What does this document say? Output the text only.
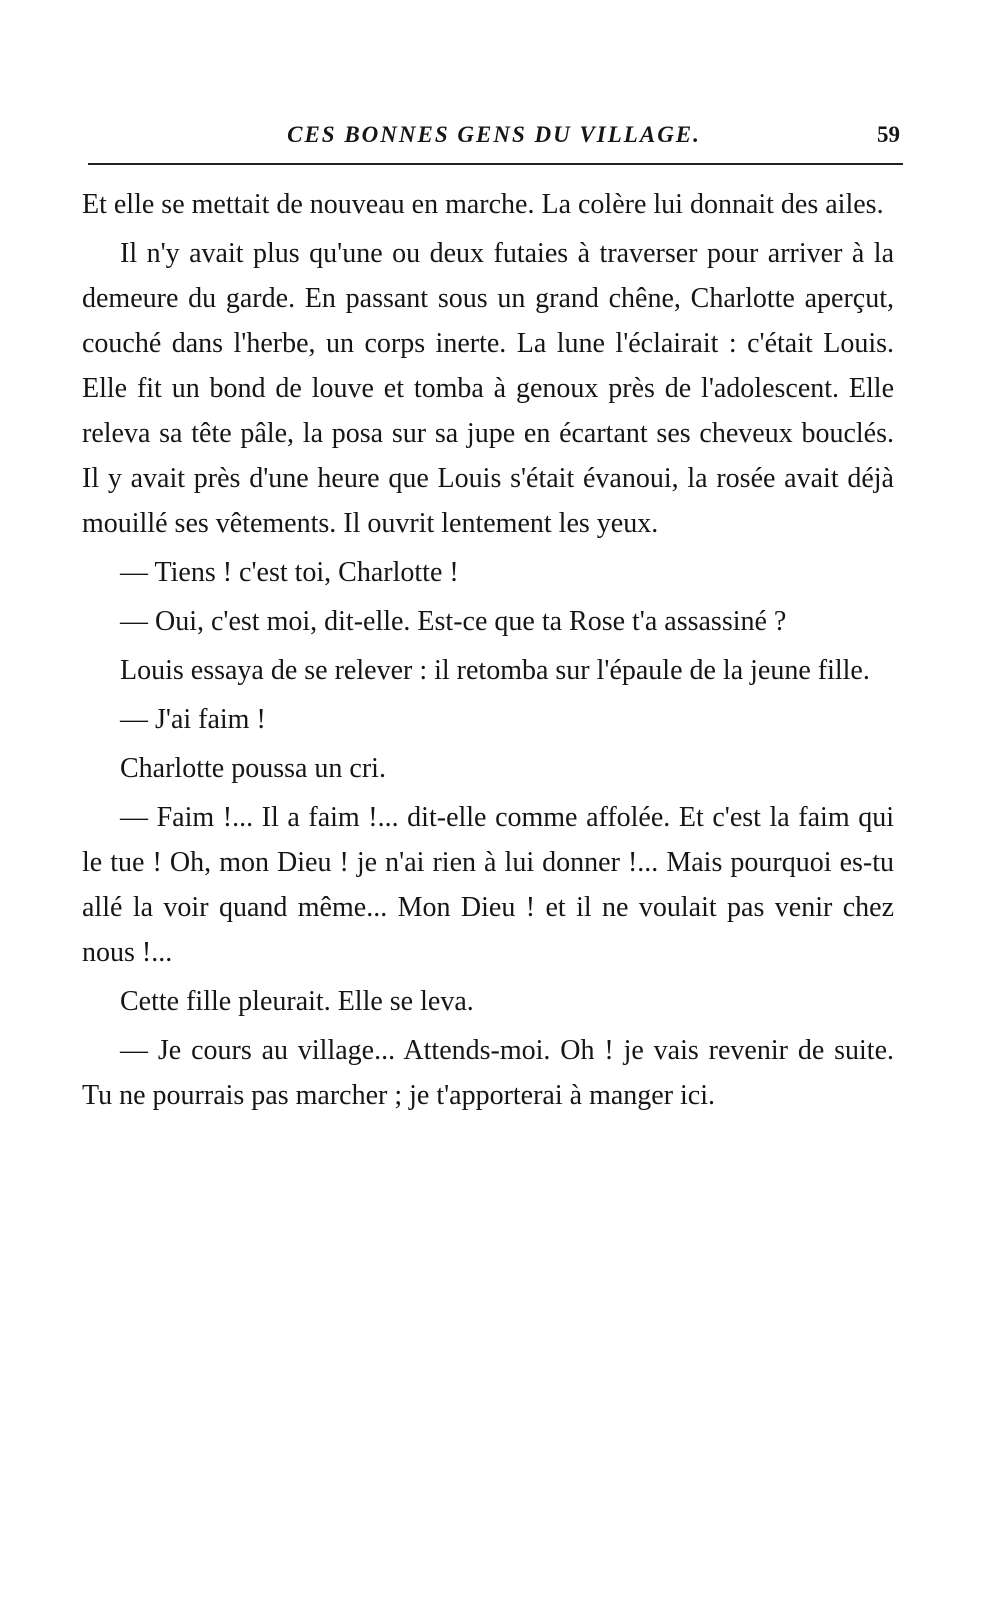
CES BONNES GENS DU VILLAGE.	59

Et elle se mettait de nouveau en marche. La colère lui donnait des ailes.

Il n'y avait plus qu'une ou deux futaies à traverser pour arriver à la demeure du garde. En passant sous un grand chêne, Charlotte aperçut, couché dans l'herbe, un corps inerte. La lune l'éclairait : c'était Louis. Elle fit un bond de louve et tomba à genoux près de l'adolescent. Elle releva sa tête pâle, la posa sur sa jupe en écartant ses cheveux bouclés. Il y avait près d'une heure que Louis s'était évanoui, la rosée avait déjà mouillé ses vêtements. Il ouvrit lentement les yeux.

— Tiens ! c'est toi, Charlotte !

— Oui, c'est moi, dit-elle. Est-ce que ta Rose t'a assassiné ?

Louis essaya de se relever : il retomba sur l'épaule de la jeune fille.

— J'ai faim !

Charlotte poussa un cri.

— Faim !... Il a faim !... dit-elle comme affolée. Et c'est la faim qui le tue ! Oh, mon Dieu ! je n'ai rien à lui donner !... Mais pourquoi es-tu allé la voir quand même... Mon Dieu ! et il ne voulait pas venir chez nous !...

Cette fille pleurait. Elle se leva.

— Je cours au village... Attends-moi. Oh ! je vais revenir de suite. Tu ne pourrais pas marcher ; je t'apporterai à manger ici.
